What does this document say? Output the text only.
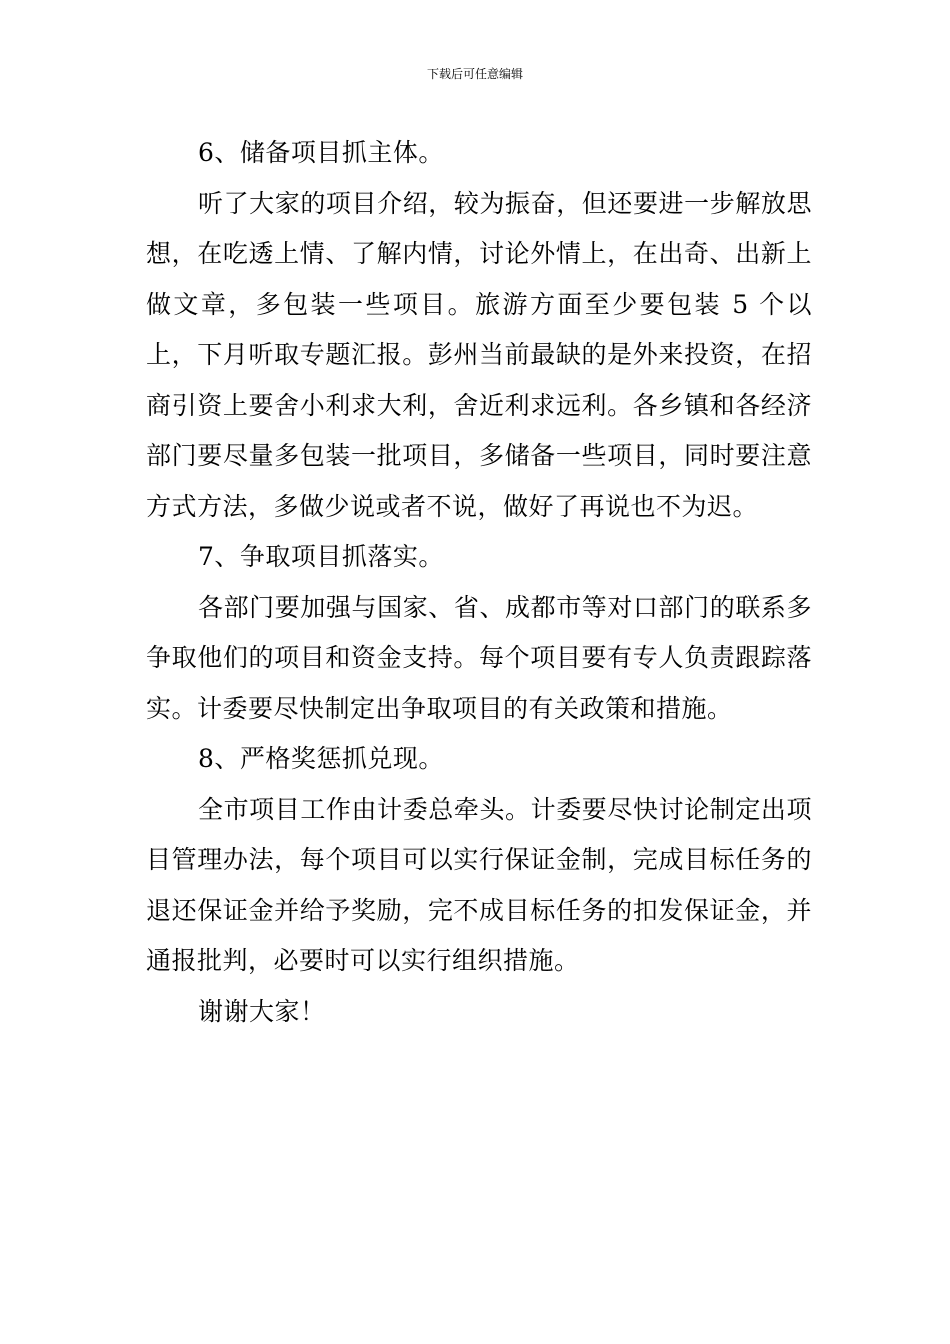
下载后可任意编辑

6、储备项目抓主体。

听了大家的项目介绍，较为振奋，但还要进一步解放思想，在吃透上情、了解内情，讨论外情上，在出奇、出新上做文章，多包装一些项目。旅游方面至少要包装 5 个以上，下月听取专题汇报。彭州当前最缺的是外来投资，在招商引资上要舍小利求大利，舍近利求远利。各乡镇和各经济部门要尽量多包装一批项目，多储备一些项目，同时要注意方式方法，多做少说或者不说，做好了再说也不为迟。

7、争取项目抓落实。

各部门要加强与国家、省、成都市等对口部门的联系多争取他们的项目和资金支持。每个项目要有专人负责跟踪落实。计委要尽快制定出争取项目的有关政策和措施。

8、严格奖惩抓兑现。

全市项目工作由计委总牵头。计委要尽快讨论制定出项目管理办法，每个项目可以实行保证金制，完成目标任务的退还保证金并给予奖励，完不成目标任务的扣发保证金，并通报批判，必要时可以实行组织措施。

谢谢大家！
